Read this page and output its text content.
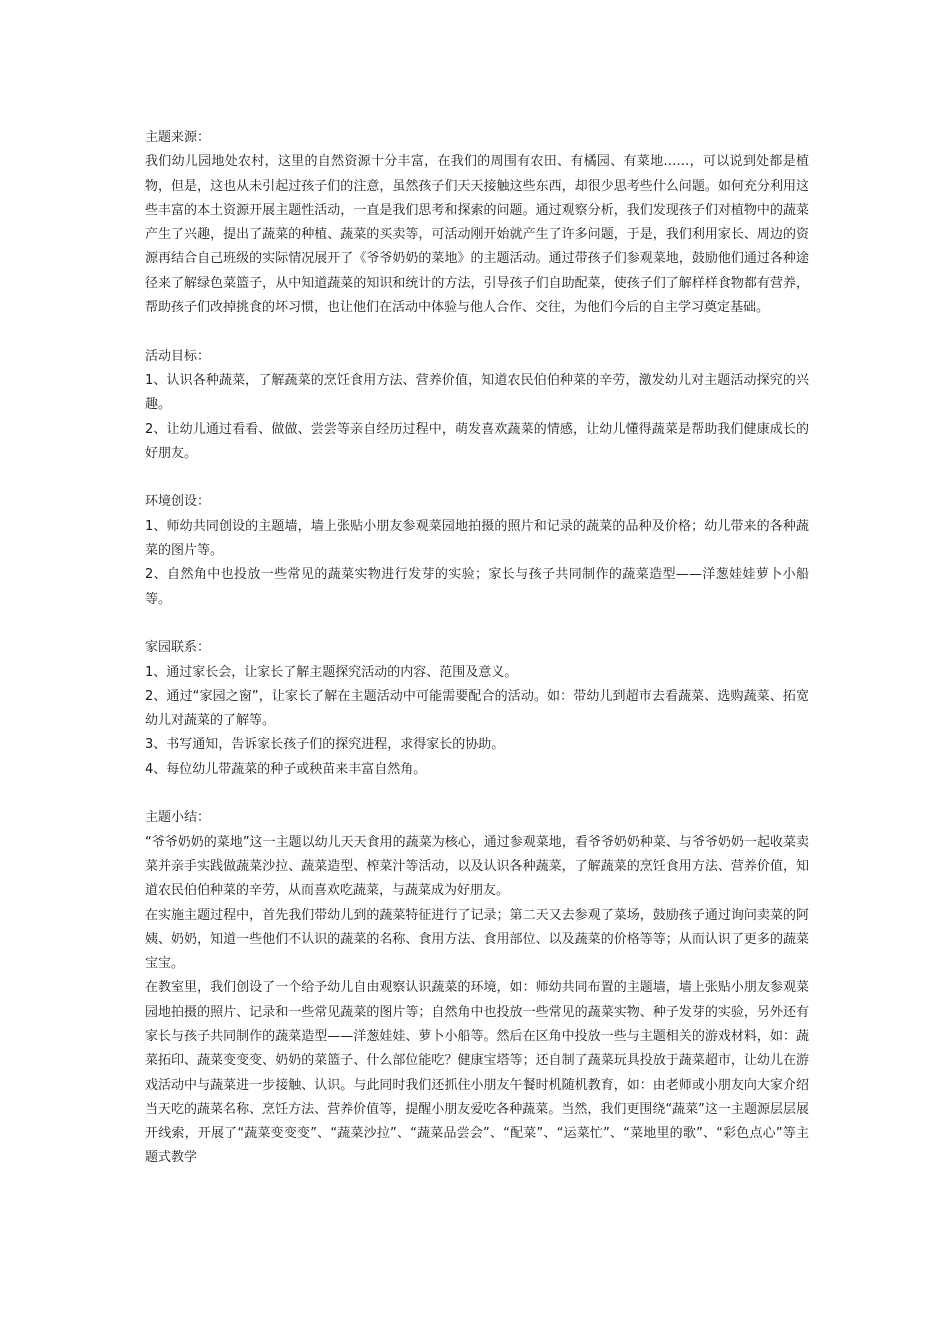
主题来源：

我们幼儿园地处农村，这里的自然资源十分丰富，在我们的周围有农田、有橘园、有菜地……，可以说到处都是植物，但是，这也从未引起过孩子们的注意，虽然孩子们天天接触这些东西，却很少思考些什么问题。如何充分利用这些丰富的本土资源开展主题性活动，一直是我们思考和探索的问题。通过观察分析，我们发现孩子们对植物中的蔬菜产生了兴趣，提出了蔬菜的种植、蔬菜的买卖等，可活动刚开始就产生了许多问题，于是，我们利用家长、周边的资源再结合自己班级的实际情况展开了《爷爷奶奶的菜地》的主题活动。通过带孩子们参观菜地，鼓励他们通过各种途径来了解绿色菜篮子，从中知道蔬菜的知识和统计的方法，引导孩子们自助配菜，使孩子们了解样样食物都有营养，帮助孩子们改掉挑食的坏习惯，也让他们在活动中体验与他人合作、交往，为他们今后的自主学习奠定基础。

活动目标：

1、认识各种蔬菜，了解蔬菜的烹饪食用方法、营养价值，知道农民伯伯种菜的辛劳，激发幼儿对主题活动探究的兴趣。

2、让幼儿通过看看、做做、尝尝等亲自经历过程中，萌发喜欢蔬菜的情感，让幼儿懂得蔬菜是帮助我们健康成长的好朋友。

环境创设：

1、师幼共同创设的主题墙，墙上张贴小朋友参观菜园地拍摄的照片和记录的蔬菜的品种及价格；幼儿带来的各种蔬菜的图片等。

2、自然角中也投放一些常见的蔬菜实物进行发芽的实验；家长与孩子共同制作的蔬菜造型——洋葱娃娃萝卜小船等。

家园联系：

1、通过家长会，让家长了解主题探究活动的内容、范围及意义。

2、通过“家园之窗”，让家长了解在主题活动中可能需要配合的活动。如：带幼儿到超市去看蔬菜、选购蔬菜、拓宽幼儿对蔬菜的了解等。

3、书写通知，告诉家长孩子们的探究进程，求得家长的协助。

4、每位幼儿带蔬菜的种子或秧苗来丰富自然角。

主题小结：

“爷爷奶奶的菜地”这一主题以幼儿天天食用的蔬菜为核心，通过参观菜地，看爷爷奶奶种菜、与爷爷奶奶一起收菜卖菜并亲手实践做蔬菜沙拉、蔬菜造型、榨菜汁等活动，以及认识各种蔬菜，了解蔬菜的烹饪食用方法、营养价值，知道农民伯伯种菜的辛劳，从而喜欢吃蔬菜，与蔬菜成为好朋友。

在实施主题过程中，首先我们带幼儿到的蔬菜特征进行了记录；第二天又去参观了菜场，鼓励孩子通过询问卖菜的阿姨、奶奶，知道一些他们不认识的蔬菜的名称、食用方法、食用部位、以及蔬菜的价格等等；从而认识了更多的蔬菜宝宝。

在教室里，我们创设了一个给予幼儿自由观察认识蔬菜的环境，如：师幼共同布置的主题墙，墙上张贴小朋友参观菜园地拍摄的照片、记录和一些常见蔬菜的图片等；自然角中也投放一些常见的蔬菜实物、种子发芽的实验，另外还有家长与孩子共同制作的蔬菜造型——洋葱娃娃、萝卜小船等。然后在区角中投放一些与主题相关的游戏材料，如：蔬菜拓印、蔬菜变变变、奶奶的菜篮子、什么部位能吃？健康宝塔等；还自制了蔬菜玩具投放于蔬菜超市，让幼儿在游戏活动中与蔬菜进一步接触、认识。与此同时我们还抓住小朋友午餐时机随机教育，如：由老师或小朋友向大家介绍当天吃的蔬菜名称、烹饪方法、营养价值等，提醒小朋友爱吃各种蔬菜。当然，我们更围绕“蔬菜”这一主题源层层展开线索，开展了“蔬菜变变变”、“蔬菜沙拉”、“蔬菜品尝会”、“配菜”、“运菜忙”、“菜地里的歌”、“彩色点心”等主题式教学
